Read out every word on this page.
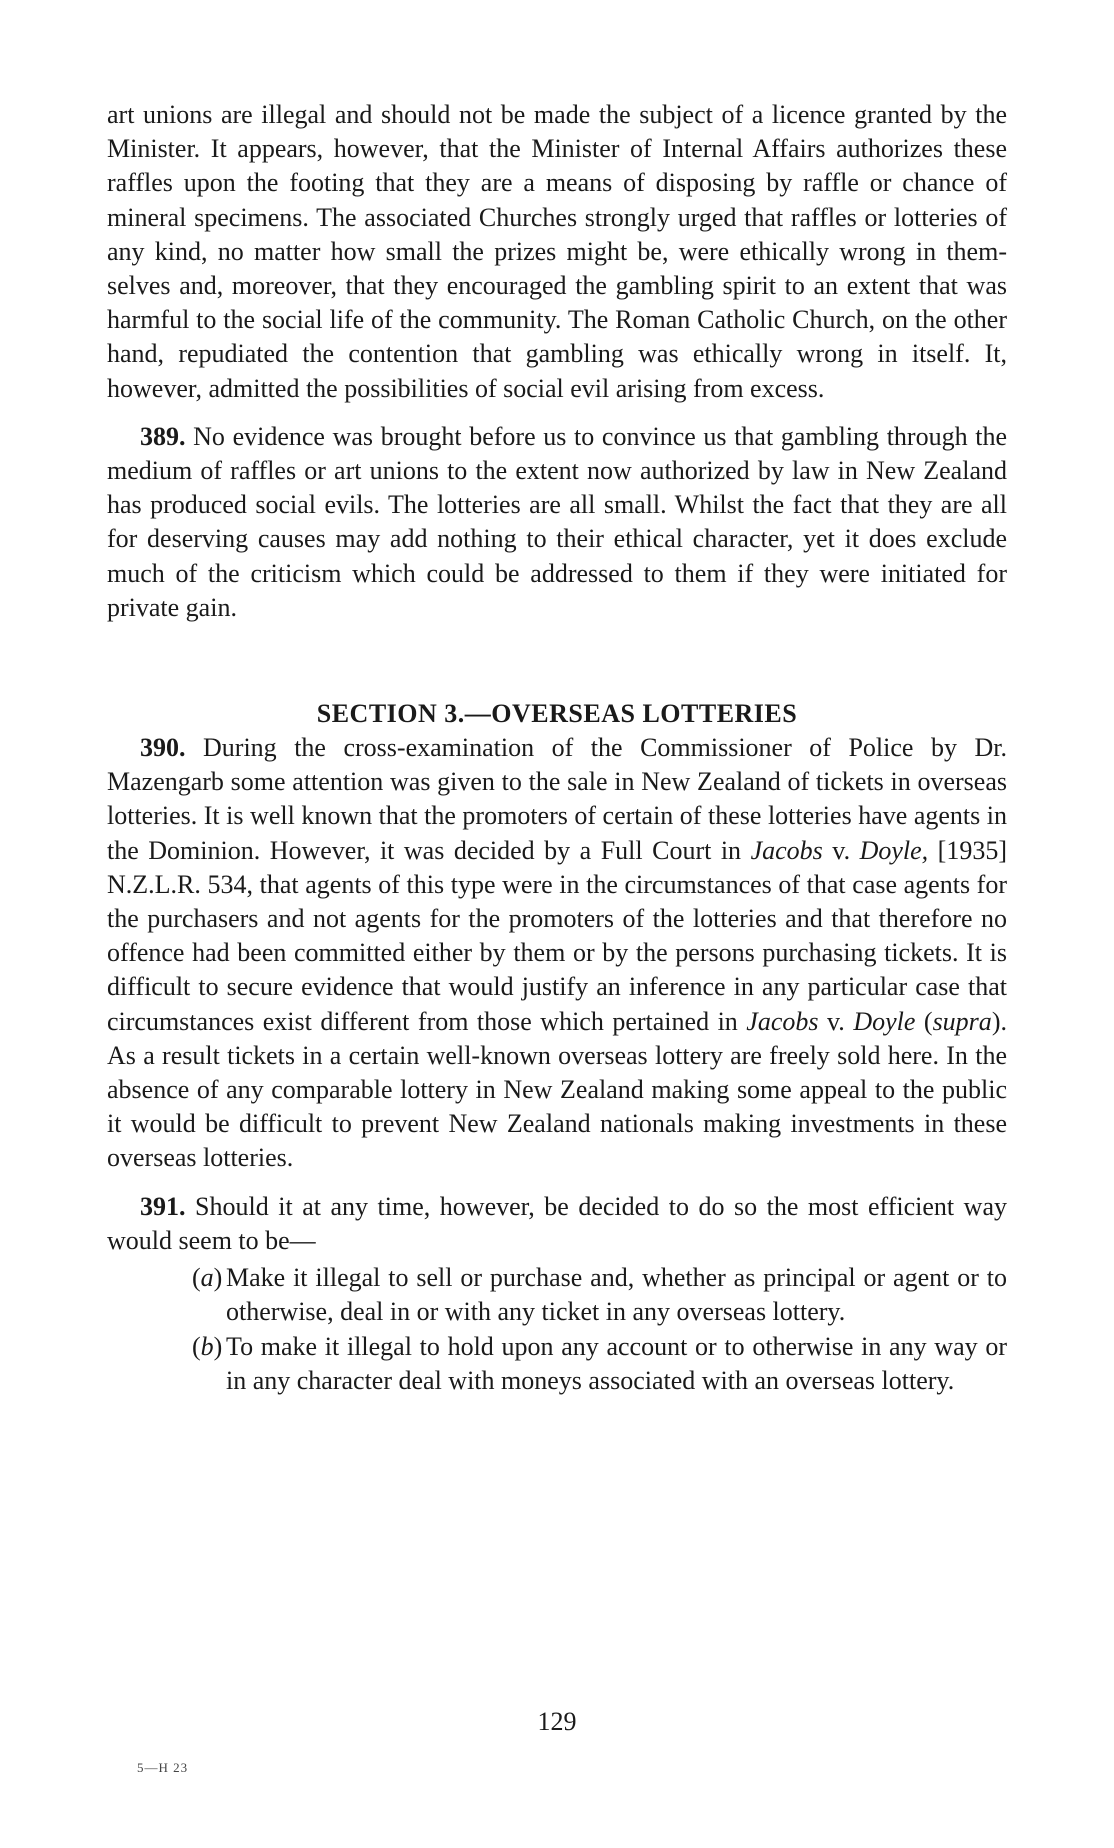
art unions are illegal and should not be made the subject of a licence granted by the Minister. It appears, however, that the Minister of Internal Affairs authorizes these raffles upon the footing that they are a means of disposing by raffle or chance of mineral specimens. The associated Churches strongly urged that raffles or lotteries of any kind, no matter how small the prizes might be, were ethically wrong in themselves and, moreover, that they encouraged the gambling spirit to an extent that was harmful to the social life of the community. The Roman Catholic Church, on the other hand, repudiated the contention that gambling was ethically wrong in itself. It, however, admitted the possibilities of social evil arising from excess.

389. No evidence was brought before us to convince us that gambling through the medium of raffles or art unions to the extent now authorized by law in New Zealand has produced social evils. The lotteries are all small. Whilst the fact that they are all for deserving causes may add nothing to their ethical character, yet it does exclude much of the criticism which could be addressed to them if they were initiated for private gain.

SECTION 3.—OVERSEAS LOTTERIES

390. During the cross-examination of the Commissioner of Police by Dr. Mazengarb some attention was given to the sale in New Zealand of tickets in overseas lotteries. It is well known that the promoters of certain of these lotteries have agents in the Dominion. However, it was decided by a Full Court in Jacobs v. Doyle, [1935] N.Z.L.R. 534, that agents of this type were in the circumstances of that case agents for the purchasers and not agents for the promoters of the lotteries and that therefore no offence had been committed either by them or by the persons purchasing tickets. It is difficult to secure evidence that would justify an inference in any particular case that circumstances exist different from those which pertained in Jacobs v. Doyle (supra). As a result tickets in a certain well-known overseas lottery are freely sold here. In the absence of any comparable lottery in New Zealand making some appeal to the public it would be difficult to prevent New Zealand nationals making investments in these overseas lotteries.

391. Should it at any time, however, be decided to do so the most efficient way would seem to be—

(a) Make it illegal to sell or purchase and, whether as principal or agent or to otherwise, deal in or with any ticket in any overseas lottery.

(b) To make it illegal to hold upon any account or to otherwise in any way or in any character deal with moneys associated with an overseas lottery.

129
5—H 23
